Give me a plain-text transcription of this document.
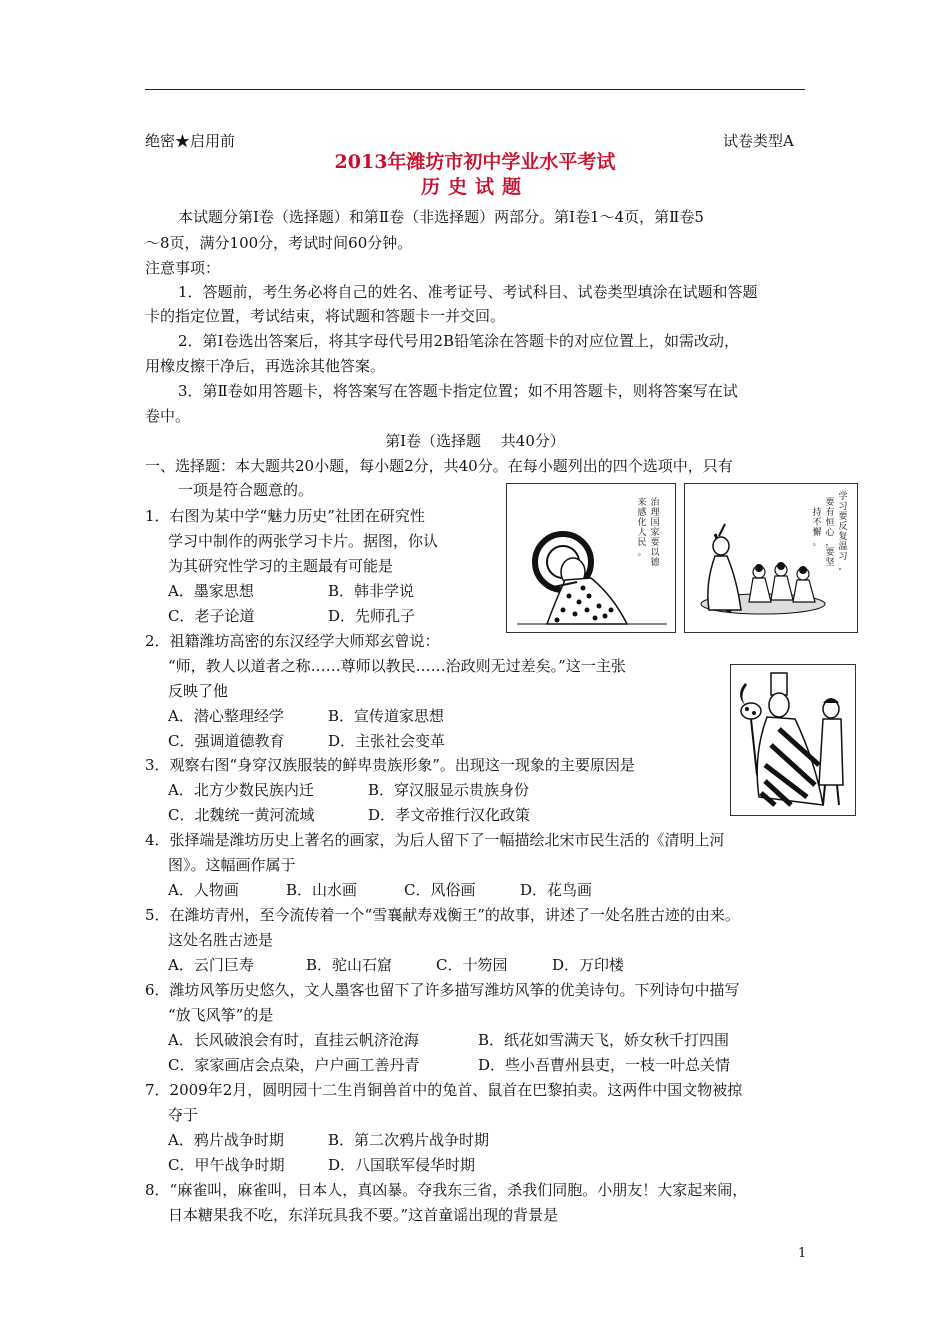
绝密★启用前	试卷类型A
2013年潍坊市初中学业水平考试
历史试题
本试题分第Ⅰ卷（选择题）和第Ⅱ卷（非选择题）两部分。第Ⅰ卷1～4页，第Ⅱ卷5
～8页，满分100分，考试时间60分钟。
注意事项：
1．答题前，考生务必将自己的姓名、准考证号、考试科目、试卷类型填涂在试题和答题
卡的指定位置，考试结束，将试题和答题卡一并交回。
2．第Ⅰ卷选出答案后，将其字母代号用2B铅笔涂在答题卡的对应位置上，如需改动，
用橡皮擦干净后，再选涂其他答案。
3．第Ⅱ卷如用答题卡，将答案写在答题卡指定位置；如不用答题卡，则将答案写在试
卷中。
第Ⅰ卷（选择题　 共40分）
一、选择题：本大题共20小题，每小题2分，共40分。在每小题列出的四个选项中，只有
一项是符合题意的。
1．右图为某中学“魅力历史”社团在研究性
学习中制作的两张学习卡片。据图，你认
为其研究性学习的主题最有可能是
A．墨家思想	B．韩非学说
C．老子论道	D．先师孔子
治
理
国
家
要
以
德
来
感
化
人
民
。
学
习
要
反
复
温
习
，
要
有
恒
心
，
要
坚
持
不
懈
。
2．祖籍潍坊高密的东汉经学大师郑玄曾说：
“师，教人以道者之称……尊师以教民……治政则无过差矣。”这一主张
反映了他
A．潜心整理经学	B．宣传道家思想
C．强调道德教育	D．主张社会变革
3．观察右图“身穿汉族服装的鲜卑贵族形象”。出现这一现象的主要原因是
A．北方少数民族内迁	B．穿汉服显示贵族身份
C．北魏统一黄河流域	D．孝文帝推行汉化政策
4．张择端是潍坊历史上著名的画家，为后人留下了一幅描绘北宋市民生活的《清明上河
图》。这幅画作属于
A．人物画	B．山水画	C．风俗画	D．花鸟画
5．在潍坊青州，至今流传着一个“雪襄献寿戏衡王”的故事，讲述了一处名胜古迹的由来。
这处名胜古迹是
A．云门巨寿	B．驼山石窟	C．十笏园	D．万印楼
6．潍坊风筝历史悠久，文人墨客也留下了许多描写潍坊风筝的优美诗句。下列诗句中描写
“放飞风筝”的是
A．长风破浪会有时，直挂云帆济沧海	B．纸花如雪满天飞，娇女秋千打四围
C．家家画店会点染，户户画工善丹青	D．些小吾曹州县吏，一枝一叶总关情
7．2009年2月，圆明园十二生肖铜兽首中的兔首、鼠首在巴黎拍卖。这两件中国文物被掠
夺于
A．鸦片战争时期	B．第二次鸦片战争时期
C．甲午战争时期	D．八国联军侵华时期
8．“麻雀叫，麻雀叫，日本人，真凶暴。夺我东三省，杀我们同胞。小朋友！大家起来闹，
日本糖果我不吃，东洋玩具我不要。”这首童谣出现的背景是
1
